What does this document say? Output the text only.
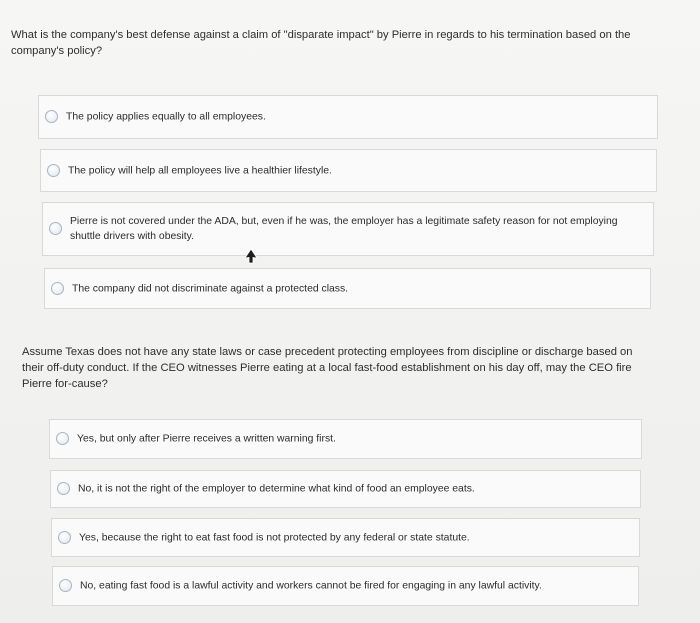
What is the company's best defense against a claim of "disparate impact" by Pierre in regards to his termination based on the company's policy?
The policy applies equally to all employees.
The policy will help all employees live a healthier lifestyle.
Pierre is not covered under the ADA, but, even if he was, the employer has a legitimate safety reason for not employing shuttle drivers with obesity.
The company did not discriminate against a protected class.
Assume Texas does not have any state laws or case precedent protecting employees from discipline or discharge based on their off-duty conduct. If the CEO witnesses Pierre eating at a local fast-food establishment on his day off, may the CEO fire Pierre for-cause?
Yes, but only after Pierre receives a written warning first.
No, it is not the right of the employer to determine what kind of food an employee eats.
Yes, because the right to eat fast food is not protected by any federal or state statute.
No, eating fast food is a lawful activity and workers cannot be fired for engaging in any lawful activity.
